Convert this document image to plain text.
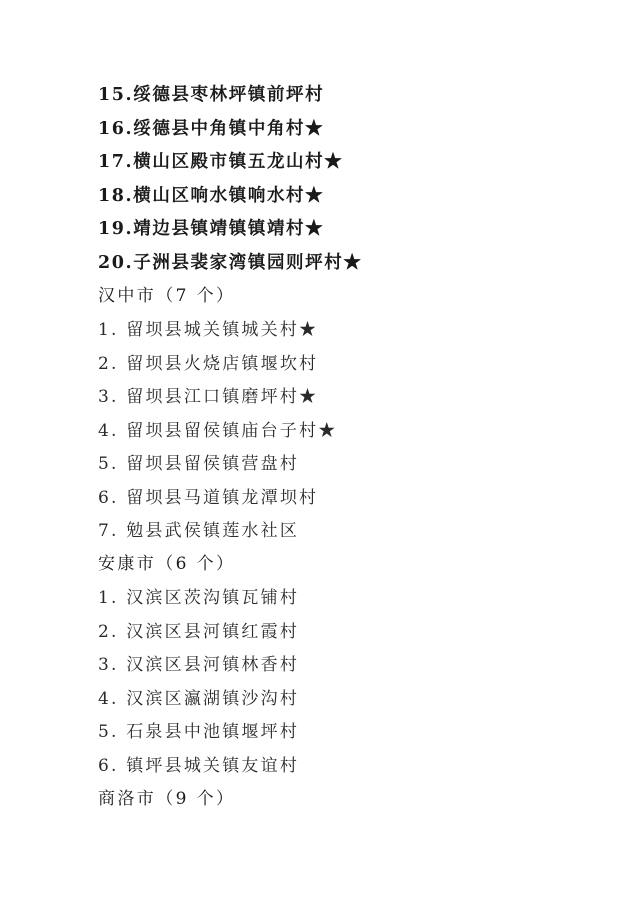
15.绥德县枣林坪镇前坪村
16.绥德县中角镇中角村★
17.横山区殿市镇五龙山村★
18.横山区响水镇响水村★
19.靖边县镇靖镇镇靖村★
20.子洲县裴家湾镇园则坪村★
汉中市（7 个）
1. 留坝县城关镇城关村★
2. 留坝县火烧店镇堰坎村
3. 留坝县江口镇磨坪村★
4. 留坝县留侯镇庙台子村★
5. 留坝县留侯镇营盘村
6. 留坝县马道镇龙潭坝村
7. 勉县武侯镇莲水社区
安康市（6 个）
1. 汉滨区茨沟镇瓦铺村
2. 汉滨区县河镇红霞村
3. 汉滨区县河镇林香村
4. 汉滨区瀛湖镇沙沟村
5. 石泉县中池镇堰坪村
6. 镇坪县城关镇友谊村
商洛市（9 个）
